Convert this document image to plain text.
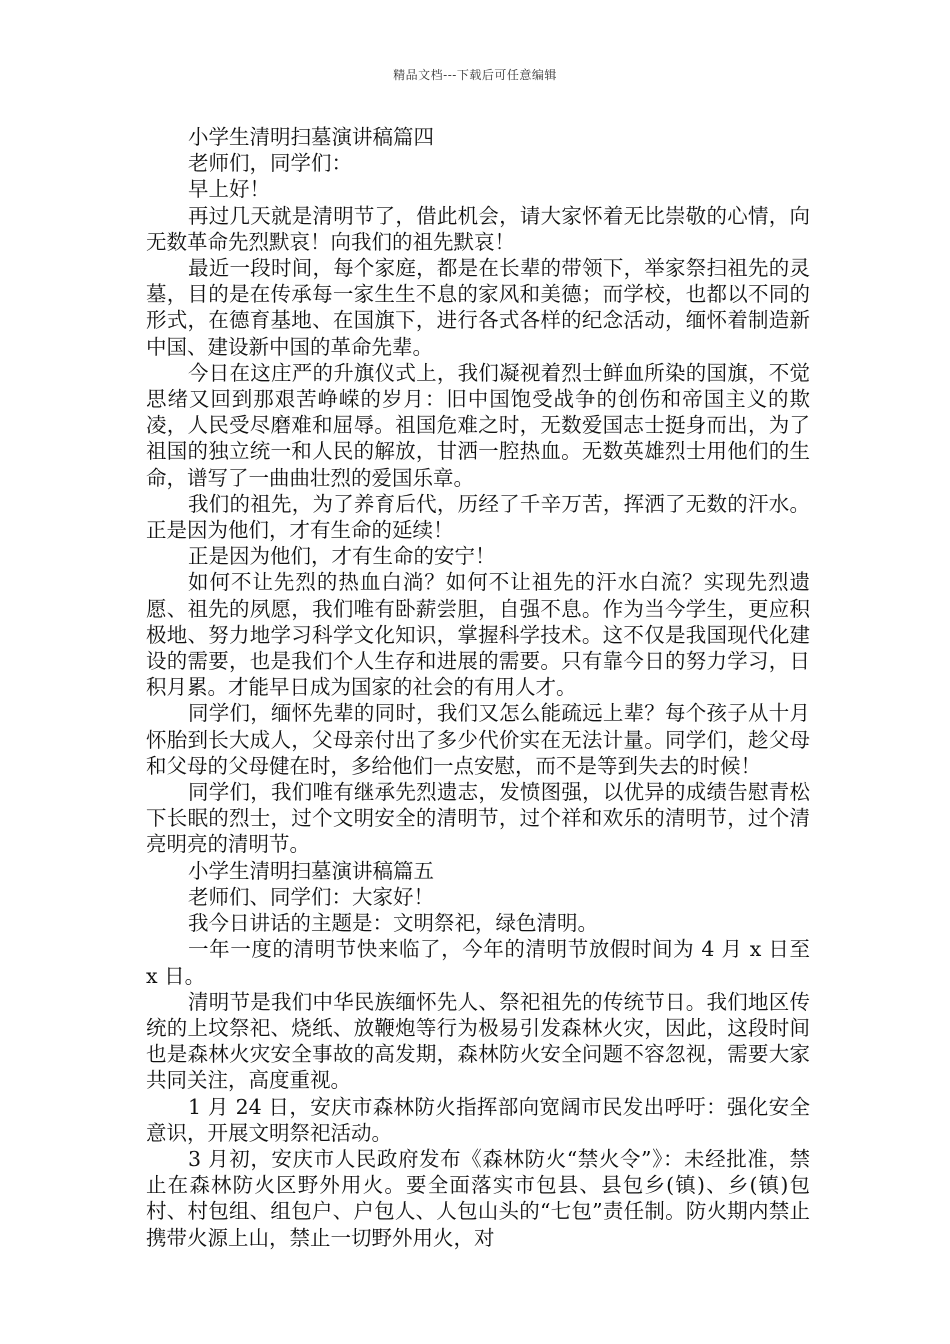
精品文档---下载后可任意编辑

小学生清明扫墓演讲稿篇四

老师们，同学们：

早上好！

再过几天就是清明节了，借此机会，请大家怀着无比崇敬的心情，向无数革命先烈默哀！向我们的祖先默哀！

最近一段时间，每个家庭，都是在长辈的带领下，举家祭扫祖先的灵墓，目的是在传承每一家生生不息的家风和美德；而学校，也都以不同的形式，在德育基地、在国旗下，进行各式各样的纪念活动，缅怀着制造新中国、建设新中国的革命先辈。

今日在这庄严的升旗仪式上，我们凝视着烈士鲜血所染的国旗，不觉思绪又回到那艰苦峥嵘的岁月：旧中国饱受战争的创伤和帝国主义的欺凌，人民受尽磨难和屈辱。祖国危难之时，无数爱国志士挺身而出，为了祖国的独立统一和人民的解放，甘洒一腔热血。无数英雄烈士用他们的生命，谱写了一曲曲壮烈的爱国乐章。

我们的祖先，为了养育后代，历经了千辛万苦，挥洒了无数的汗水。 正是因为他们，才有生命的延续！

正是因为他们，才有生命的安宁！

如何不让先烈的热血白淌？如何不让祖先的汗水白流？实现先烈遗愿、祖先的夙愿，我们唯有卧薪尝胆，自强不息。作为当今学生，更应积极地、努力地学习科学文化知识，掌握科学技术。这不仅是我国现代化建设的需要，也是我们个人生存和进展的需要。只有靠今日的努力学习，日积月累。才能早日成为国家的社会的有用人才。

同学们，缅怀先辈的同时，我们又怎么能疏远上辈？每个孩子从十月怀胎到长大成人，父母亲付出了多少代价实在无法计量。同学们，趁父母和父母的父母健在时，多给他们一点安慰，而不是等到失去的时候！

同学们，我们唯有继承先烈遗志，发愤图强，以优异的成绩告慰青松下长眠的烈士，过个文明安全的清明节，过个祥和欢乐的清明节，过个清亮明亮的清明节。

小学生清明扫墓演讲稿篇五

老师们、同学们：大家好！

我今日讲话的主题是：文明祭祀，绿色清明。

一年一度的清明节快来临了，今年的清明节放假时间为 4 月 x 日至 x 日。

清明节是我们中华民族缅怀先人、祭祀祖先的传统节日。我们地区传统的上坟祭祀、烧纸、放鞭炮等行为极易引发森林火灾，因此，这段时间也是森林火灾安全事故的高发期，森林防火安全问题不容忽视，需要大家共同关注，高度重视。

1 月 24 日，安庆市森林防火指挥部向宽阔市民发出呼吁：强化安全意识，开展文明祭祀活动。

3 月初，安庆市人民政府发布《森林防火“禁火令”》：未经批准，禁止在森林防火区野外用火。要全面落实市包县、县包乡(镇)、乡(镇)包村、村包组、组包户、户包人、人包山头的“七包”责任制。防火期内禁止携带火源上山，禁止一切野外用火，对
